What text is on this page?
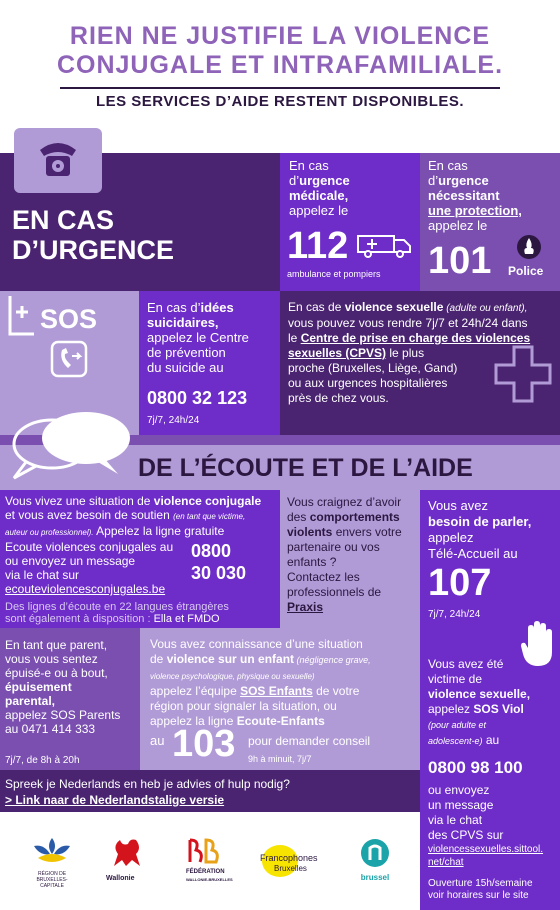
RIEN NE JUSTIFIE LA VIOLENCE
CONJUGALE ET INTRAFAMILIALE.
LES SERVICES D’AIDE RESTENT DISPONIBLES.
EN CAS
D’URGENCE
En cas
d’urgence
médicale,
appelez le
112
ambulance et pompiers
En cas
d’urgence
nécessitant
une protection,
appelez le
101 Police
SOS	En cas d’idées
suicidaires,
appelez le Centre
de prévention
du suicide au
0800 32 123
7j/7, 24h/24
En cas de violence sexuelle (adulte ou enfant),
vous pouvez vous rendre 7j/7 et 24h/24 dans
le Centre de prise en charge des violences
sexuelles (CPVS) le plus
proche (Bruxelles, Liège, Gand)
ou aux urgences hospitalières
près de chez vous.
DE L’ÉCOUTE ET DE L’AIDE
Vous vivez une situation de violence conjugale
et vous avez besoin de soutien (en tant que victime,
auteur ou professionnel). Appelez la ligne gratuite
Ecoute violences conjugales au
ou envoyez un message
via le chat sur
ecouteviolencesconjugales.be
0800
30 030
Des lignes d’écoute en 22 langues étrangères
sont également à disposition : Ella et FMDO
Vous craignez d’avoir
des comportements
violents envers votre
partenaire ou vos
enfants ?
Contactez les
professionnels de
Praxis
Vous avez
besoin de parler,
appelez
Télé-Accueil au
107
7j/7, 24h/24
En tant que parent,
vous vous sentez
épuisé-e ou à bout,
épuisement
parental,
appelez SOS Parents
au 0471 414 333
7j/7, de 8h à 20h
Vous avez connaissance d’une situation
de violence sur un enfant (négligence grave,
violence psychologique, physique ou sexuelle)
appelez l’équipe SOS Enfants de votre
région pour signaler la situation, ou
appelez la ligne Ecoute-Enfants
au 103 pour demander conseil
9h à minuit, 7j/7
Vous avez été
victime de
violence sexuelle,
appelez SOS Viol
(pour adulte et
adolescent-e) au
0800 98 100
ou envoyez
un message
via le chat
des CPVS sur
violencessexuelles.sittool.
net/chat
Ouverture 15h/semaine
voir horaires sur le site
Spreek je Nederlands en heb je advies of hulp nodig?
> Link naar de Nederlandstalige versie
RÉGION DE
BRUXELLES-
CAPITALE
Wallonie
FÉDÉRATION
WALLONIE-BRUXELLES
Francophones
Bruxelles
brussel
